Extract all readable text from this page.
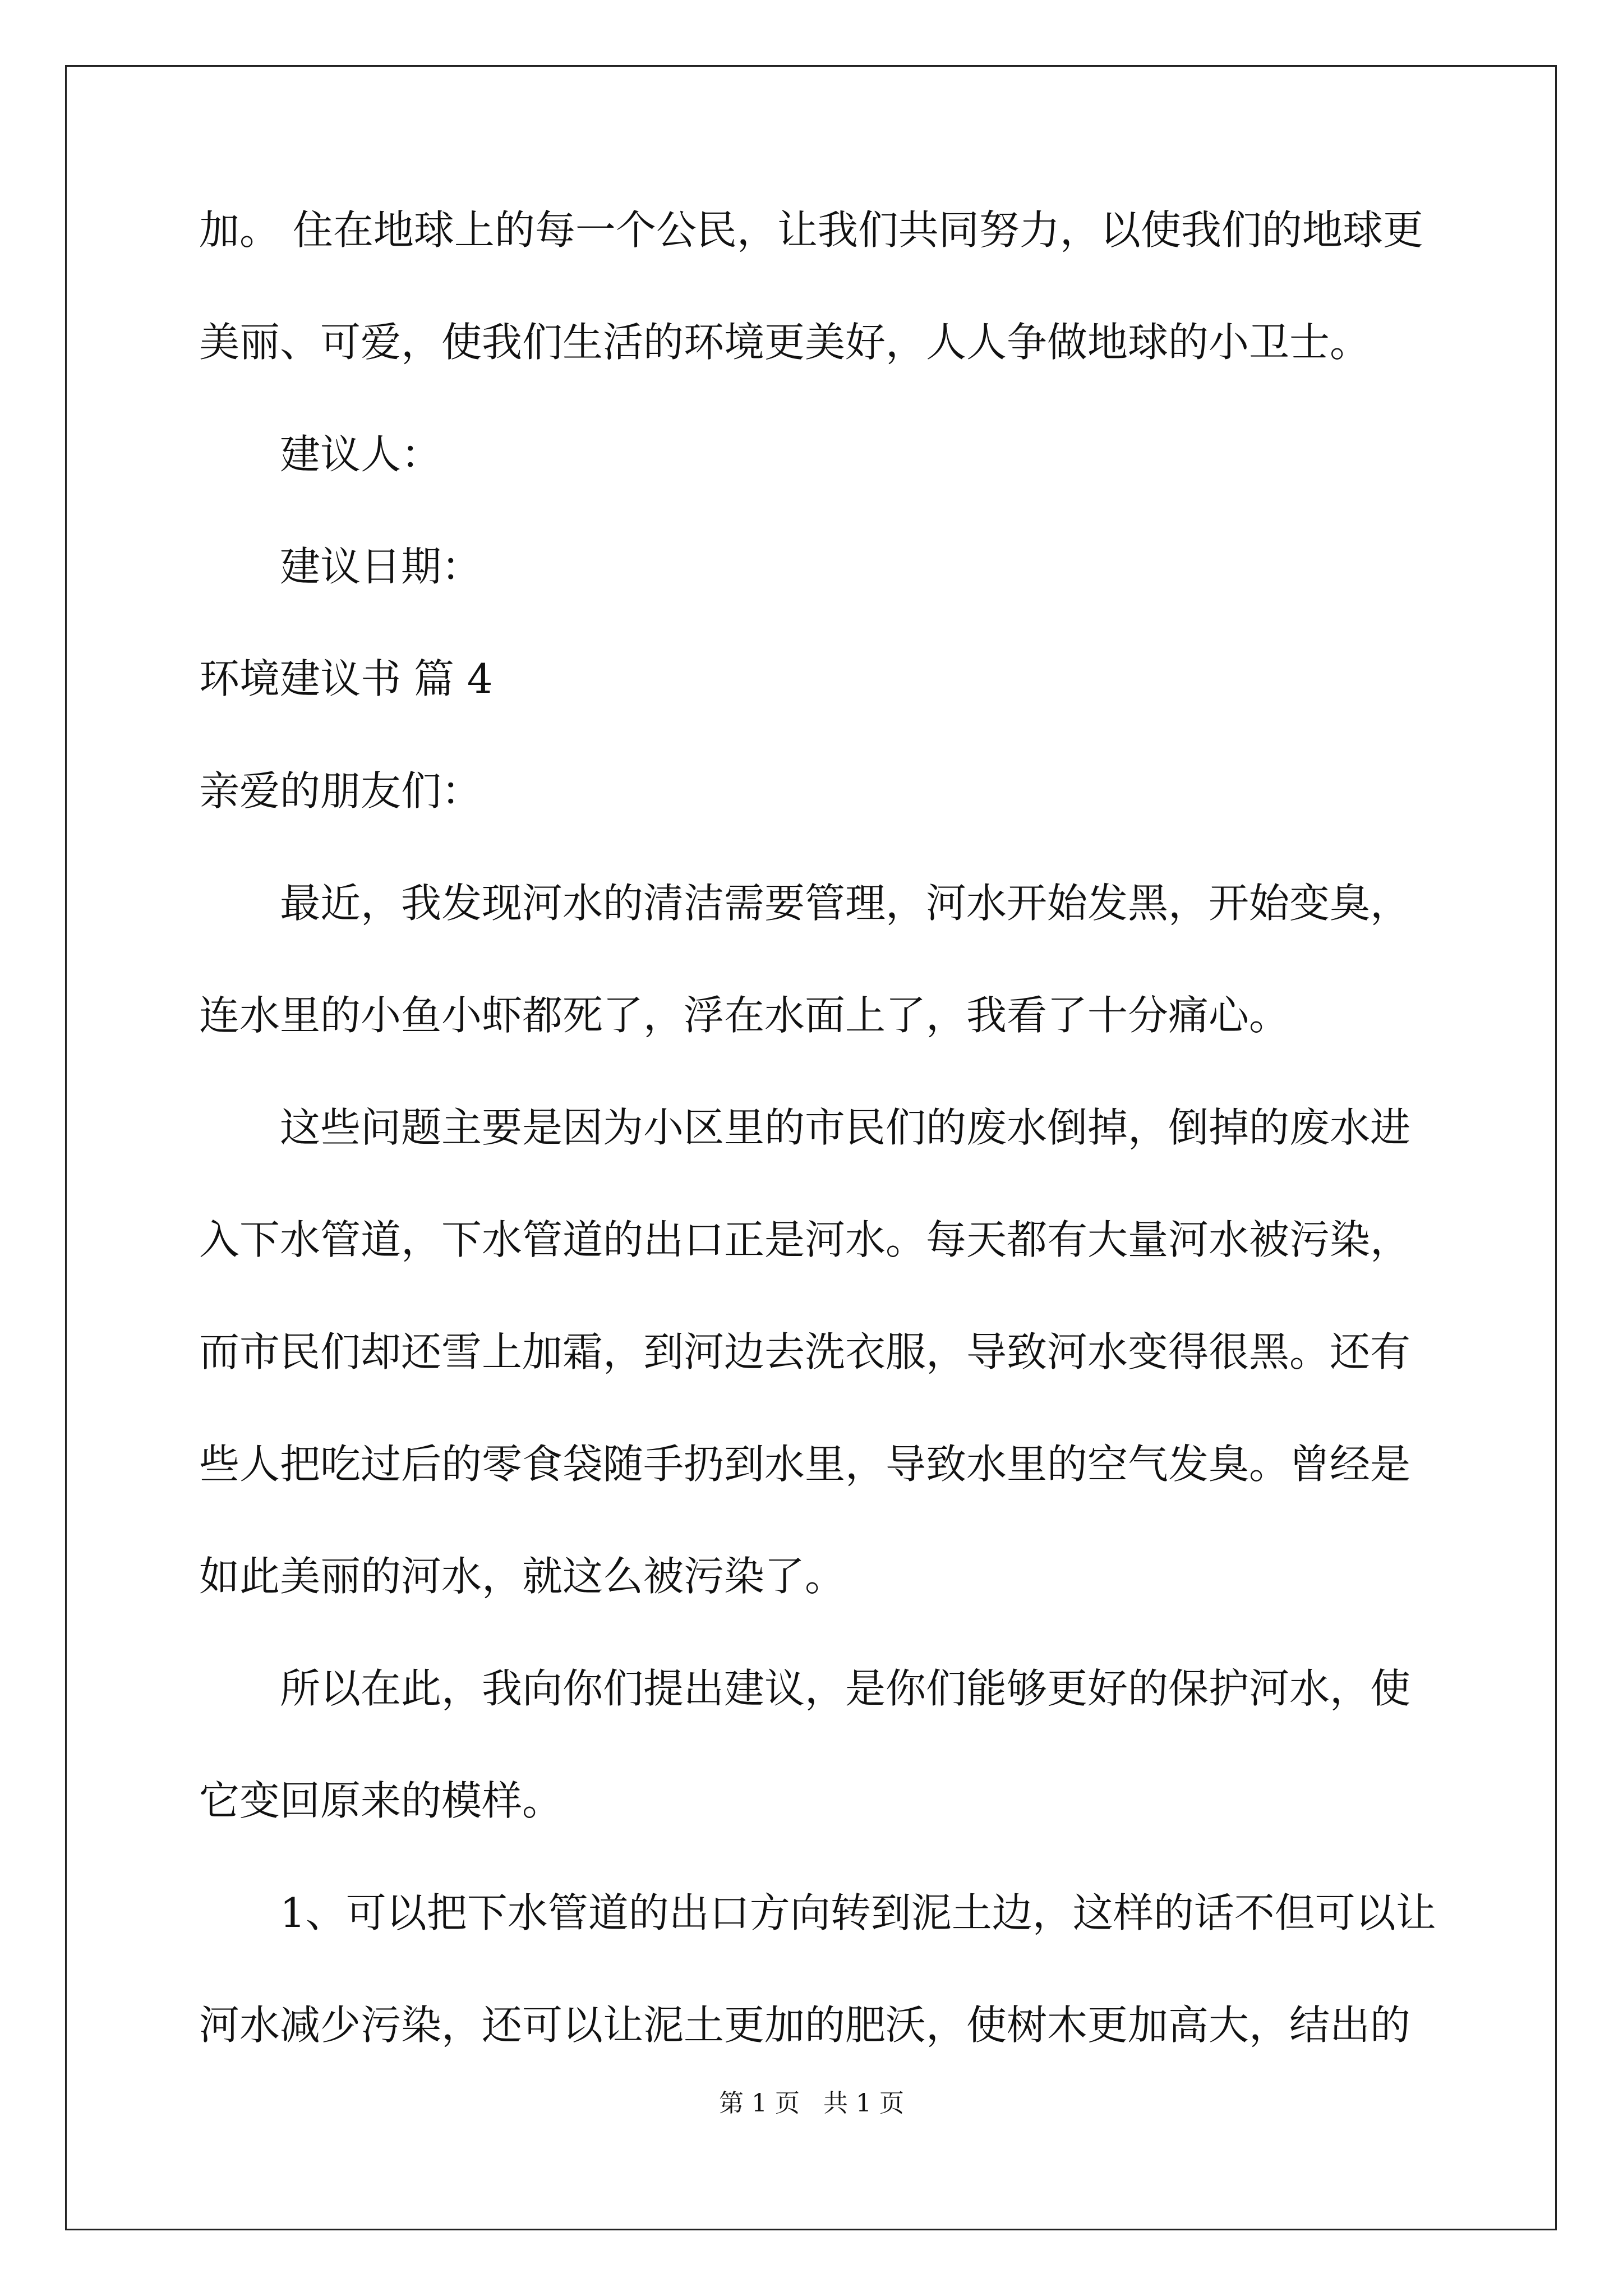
加。 住在地球上的每一个公民，让我们共同努力，以使我们的地球更
美丽、可爱，使我们生活的环境更美好，人人争做地球的小卫士。
建议人：
建议日期：
环境建议书 篇 4
亲爱的朋友们：
最近，我发现河水的清洁需要管理，河水开始发黑，开始变臭，
连水里的小鱼小虾都死了，浮在水面上了，我看了十分痛心。
这些问题主要是因为小区里的市民们的废水倒掉，倒掉的废水进
入下水管道，下水管道的出口正是河水。每天都有大量河水被污染，
而市民们却还雪上加霜，到河边去洗衣服，导致河水变得很黑。还有
些人把吃过后的零食袋随手扔到水里，导致水里的空气发臭。曾经是
如此美丽的河水，就这么被污染了。
所以在此，我向你们提出建议，是你们能够更好的保护河水，使
它变回原来的模样。
1、可以把下水管道的出口方向转到泥土边，这样的话不但可以让
河水减少污染，还可以让泥土更加的肥沃，使树木更加高大，结出的
第 1 页   共 1 页
